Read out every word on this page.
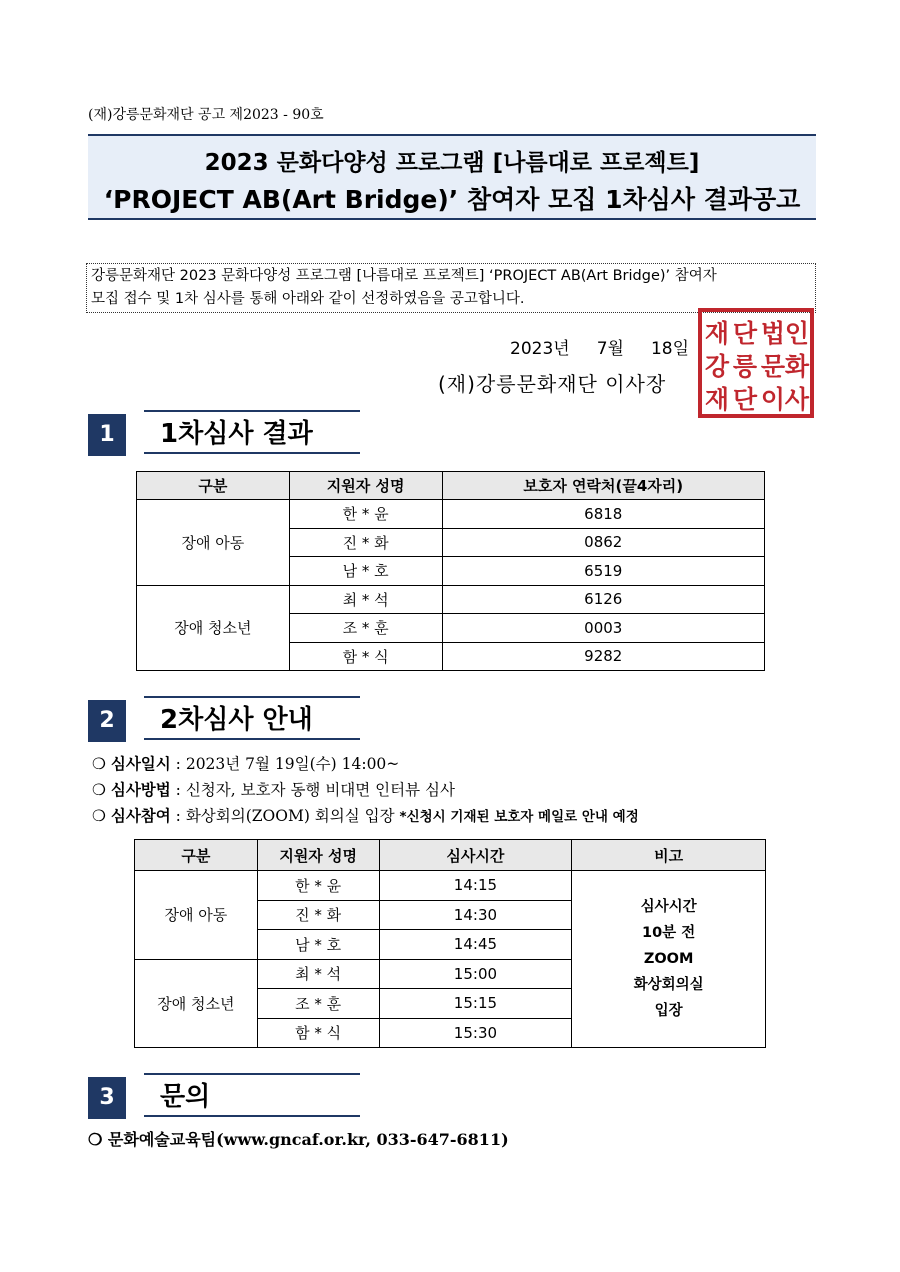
(재)강릉문화재단 공고 제2023 - 90호
2023 문화다양성 프로그램 [나름대로 프로젝트]
‘PROJECT AB(Art Bridge)’ 참여자 모집 1차심사 결과공고
강릉문화재단 2023 문화다양성 프로그램 [나름대로 프로젝트] ‘PROJECT AB(Art Bridge)’ 참여자
모집 접수 및 1차 심사를 통해 아래와 같이 선정하였음을 공고합니다.
2023년     7월     18일
(재)강릉문화재단 이사장
재 단 법 인
강 릉 문 화
재 단 이 사
1	1차심사 결과
구분	지원자 성명	보호자 연락처(끝4자리)
장애 아동	한 * 윤	6818
	진 * 화	0862
	남 * 호	6519
장애 청소년	최 * 석	6126
	조 * 훈	0003
	함 * 식	9282
2	2차심사 안내
❍ 심사일시 : 2023년 7월 19일(수) 14:00~
❍ 심사방법 : 신청자, 보호자 동행 비대면 인터뷰 심사
❍ 심사참여 : 화상회의(ZOOM) 회의실 입장 *신청시 기재된 보호자 메일로 안내 예정
구분	지원자 성명	심사시간	비고
장애 아동	한 * 윤	14:15	심사시간
10분 전
ZOOM
화상회의실
입장

	진 * 화	14:30	
	남 * 호	14:45	
장애 청소년	최 * 석	15:00	
	조 * 훈	15:15	
	함 * 식	15:30	
3	문의
❍ 문화예술교육팀(www.gncaf.or.kr, 033-647-6811)
